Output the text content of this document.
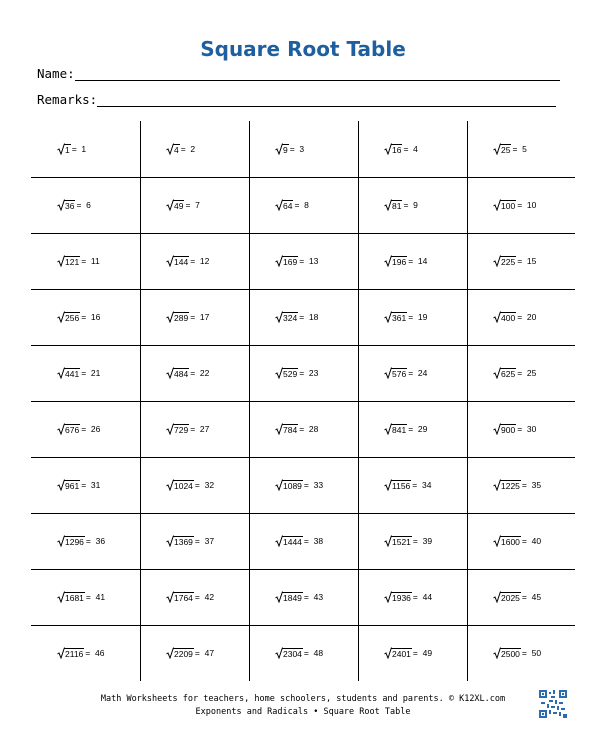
Square Root Table
Name:
Remarks:
1 = 1	4 = 2	9 = 3	16 = 4	25 = 5
36 = 6	49 = 7	64 = 8	81 = 9	100 = 10
121 = 11	144 = 12	169 = 13	196 = 14	225 = 15
256 = 16	289 = 17	324 = 18	361 = 19	400 = 20
441 = 21	484 = 22	529 = 23	576 = 24	625 = 25
676 = 26	729 = 27	784 = 28	841 = 29	900 = 30
961 = 31	1024 = 32	1089 = 33	1156 = 34	1225 = 35
1296 = 36	1369 = 37	1444 = 38	1521 = 39	1600 = 40
1681 = 41	1764 = 42	1849 = 43	1936 = 44	2025 = 45
2116 = 46	2209 = 47	2304 = 48	2401 = 49	2500 = 50
Math Worksheets for teachers, home schoolers, students and parents. © K12XL.com
Exponents and Radicals • Square Root Table
